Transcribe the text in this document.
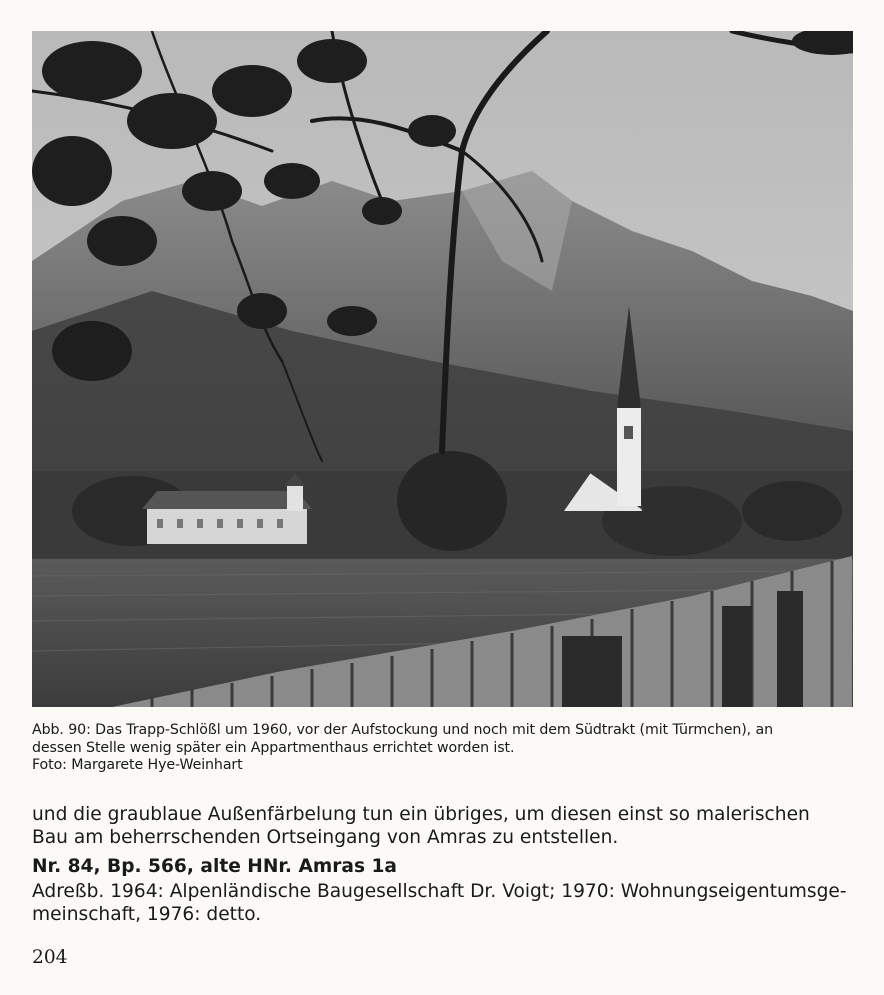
Abb. 90: Das Trapp-Schlößl um 1960, vor der Aufstockung und noch mit dem Südtrakt (mit Türmchen), an
dessen Stelle wenig später ein Appartmenthaus errichtet worden ist.
Foto: Margarete Hye-Weinhart
und die graublaue Außenfärbelung tun ein übriges, um diesen einst so malerischen
Bau am beherrschenden Ortseingang von Amras zu entstellen.
Nr. 84, Bp. 566, alte HNr. Amras 1a
Adreßb. 1964: Alpenländische Baugesellschaft Dr. Voigt; 1970: Wohnungseigentumsge-
meinschaft, 1976: detto.
204
